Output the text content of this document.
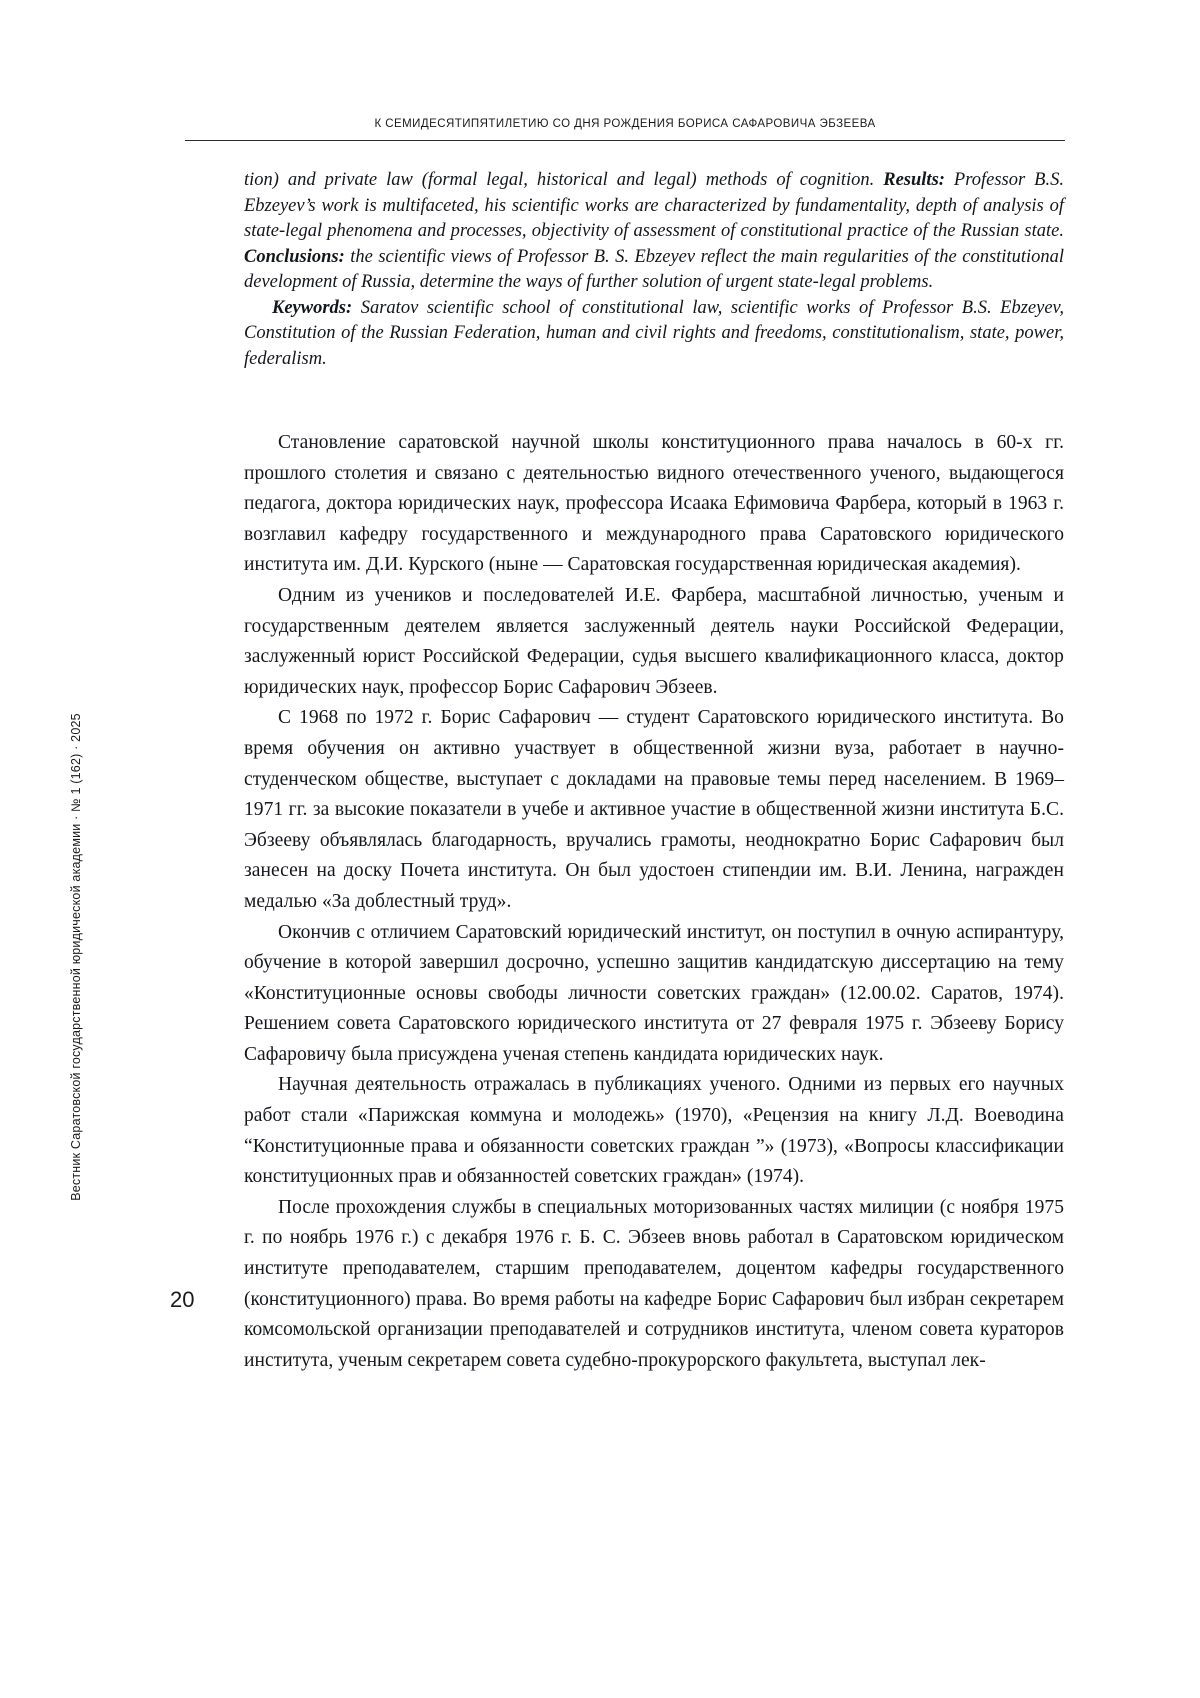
К СЕМИДЕСЯТИПЯТИЛЕТИЮ СО ДНЯ РОЖДЕНИЯ БОРИСА САФАРОВИЧА ЭБЗЕЕВА

tion) and private law (formal legal, historical and legal) methods of cognition. Results: Professor B.S. Ebzeyev’s work is multifaceted, his scientific works are characterized by fundamentality, depth of analysis of state-legal phenomena and processes, objectivity of assessment of constitutional practice of the Russian state. Conclusions: the scientific views of Professor B. S. Ebzeyev reflect the main regularities of the constitutional development of Russia, determine the ways of further solution of urgent state-legal problems.

Keywords: Saratov scientific school of constitutional law, scientific works of Professor B.S. Ebzeyev, Constitution of the Russian Federation, human and civil rights and freedoms, constitutionalism, state, power, federalism.

Становление саратовской научной школы конституционного права началось в 60-х гг. прошлого столетия и связано с деятельностью видного отечественного ученого, выдающегося педагога, доктора юридических наук, профессора Исаака Ефимовича Фарбера, который в 1963 г. возглавил кафедру государственного и международного права Саратовского юридического института им. Д.И. Курского (ныне — Саратовская государственная юридическая академия).

Одним из учеников и последователей И.Е. Фарбера, масштабной личностью, ученым и государственным деятелем является заслуженный деятель науки Российской Федерации, заслуженный юрист Российской Федерации, судья высшего квалификационного класса, доктор юридических наук, профессор Борис Сафарович Эбзеев.

С 1968 по 1972 г. Борис Сафарович — студент Саратовского юридического института. Во время обучения он активно участвует в общественной жизни вуза, работает в научно-студенческом обществе, выступает с докладами на правовые темы перед населением. В 1969–1971 гг. за высокие показатели в учебе и активное участие в общественной жизни института Б.С. Эбзееву объявлялась благодарность, вручались грамоты, неоднократно Борис Сафарович был занесен на доску Почета института. Он был удостоен стипендии им. В.И. Ленина, награжден медалью «За доблестный труд».

Окончив с отличием Саратовский юридический институт, он поступил в очную аспирантуру, обучение в которой завершил досрочно, успешно защитив кандидатскую диссертацию на тему «Конституционные основы свободы личности советских граждан» (12.00.02. Саратов, 1974). Решением совета Саратовского юридического института от 27 февраля 1975 г. Эбзееву Борису Сафаровичу была присуждена ученая степень кандидата юридических наук.

Научная деятельность отражалась в публикациях ученого. Одними из первых его научных работ стали «Парижская коммуна и молодежь» (1970), «Рецензия на книгу Л.Д. Воеводина “Конституционные права и обязанности советских граждан ”» (1973), «Вопросы классификации конституционных прав и обязанностей советских граждан» (1974).

После прохождения службы в специальных моторизованных частях милиции (с ноября 1975 г. по ноябрь 1976 г.) с декабря 1976 г. Б. С. Эбзеев вновь работал в Саратовском юридическом институте преподавателем, старшим преподавателем, доцентом кафедры государственного (конституционного) права. Во время работы на кафедре Борис Сафарович был избран секретарем комсомольской организации преподавателей и сотрудников института, членом совета кураторов института, ученым секретарем совета судебно-прокурорского факультета, выступал лек-

Вестник Саратовской государственной юридической академии · № 1 (162) · 2025
20
